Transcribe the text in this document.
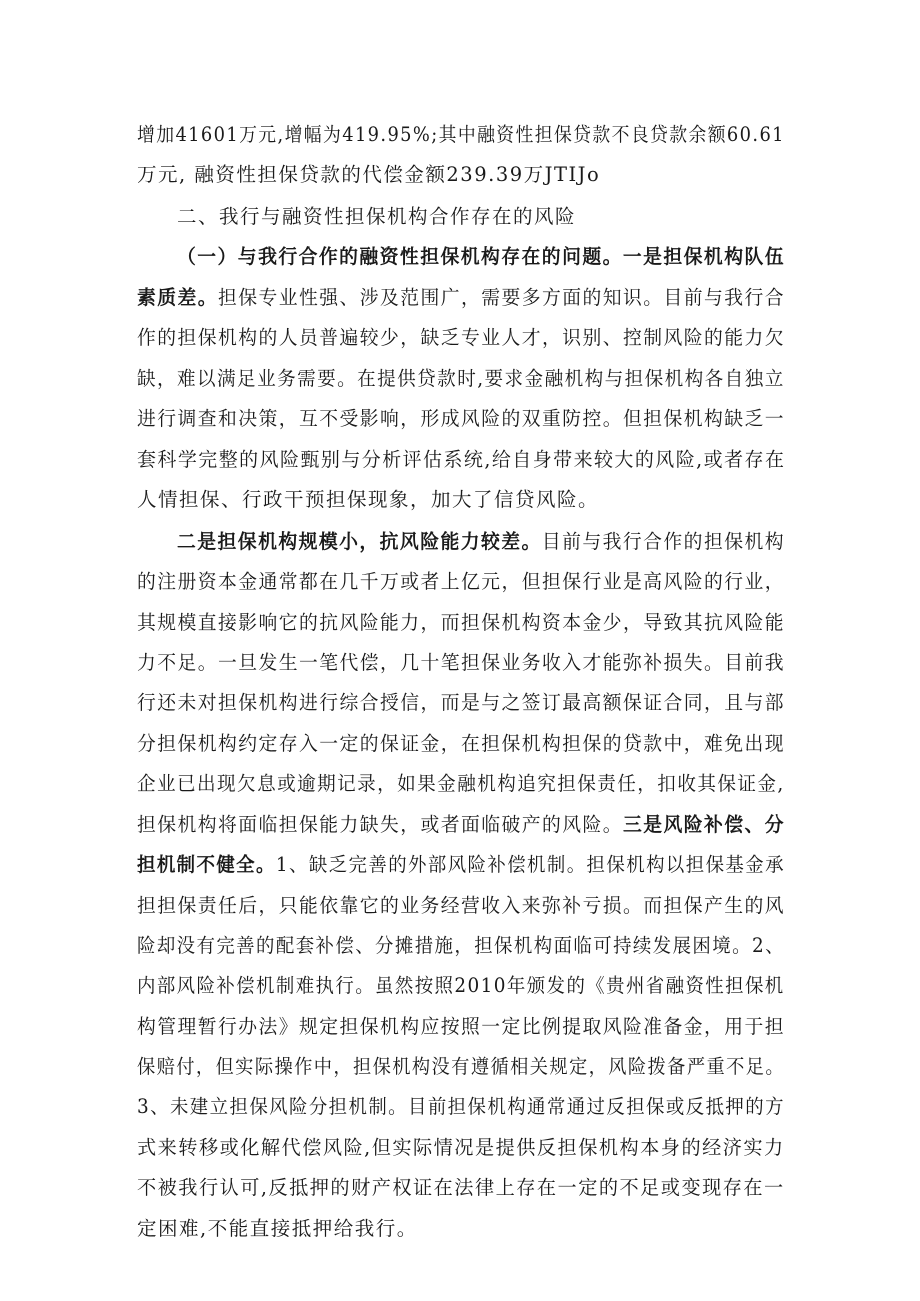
增加41601万元,增幅为419.95%;其中融资性担保贷款不良贷款余额60.61
万元, 融资性担保贷款的代偿金额239.39万JTIJo
二、我行与融资性担保机构合作存在的风险
（一）与我行合作的融资性担保机构存在的问题。一是担保机构队伍
素质差。担保专业性强、涉及范围广，需要多方面的知识。目前与我行合
作的担保机构的人员普遍较少，缺乏专业人才，识别、控制风险的能力欠
缺，难以满足业务需要。在提供贷款时,要求金融机构与担保机构各自独立
进行调查和决策，互不受影响，形成风险的双重防控。但担保机构缺乏一
套科学完整的风险甄别与分析评估系统,给自身带来较大的风险,或者存在
人情担保、行政干预担保现象，加大了信贷风险。
二是担保机构规模小，抗风险能力较差。目前与我行合作的担保机构
的注册资本金通常都在几千万或者上亿元，但担保行业是高风险的行业，
其规模直接影响它的抗风险能力，而担保机构资本金少，导致其抗风险能
力不足。一旦发生一笔代偿，几十笔担保业务收入才能弥补损失。目前我
行还未对担保机构进行综合授信，而是与之签订最高额保证合同，且与部
分担保机构约定存入一定的保证金，在担保机构担保的贷款中，难免出现
企业已出现欠息或逾期记录，如果金融机构追究担保责任，扣收其保证金,
担保机构将面临担保能力缺失，或者面临破产的风险。三是风险补偿、分
担机制不健全。1、缺乏完善的外部风险补偿机制。担保机构以担保基金承
担担保责任后，只能依靠它的业务经营收入来弥补亏损。而担保产生的风
险却没有完善的配套补偿、分摊措施，担保机构面临可持续发展困境。2、
内部风险补偿机制难执行。虽然按照2010年颁发的《贵州省融资性担保机
构管理暂行办法》规定担保机构应按照一定比例提取风险准备金，用于担
保赔付，但实际操作中，担保机构没有遵循相关规定，风险拨备严重不足。
3、未建立担保风险分担机制。目前担保机构通常通过反担保或反抵押的方
式来转移或化解代偿风险,但实际情况是提供反担保机构本身的经济实力
不被我行认可,反抵押的财产权证在法律上存在一定的不足或变现存在一
定困难,不能直接抵押给我行。
